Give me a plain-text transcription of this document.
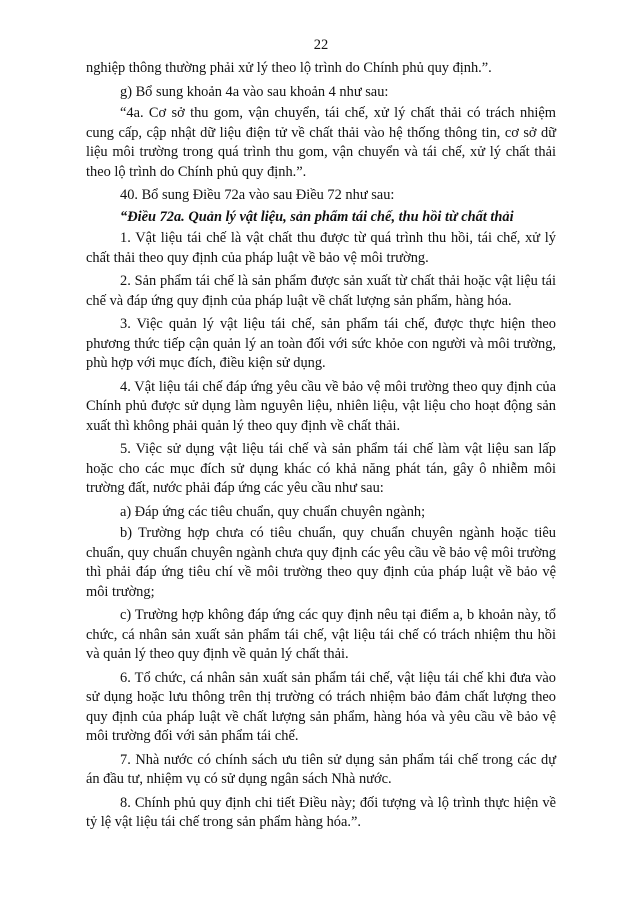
22

nghiệp thông thường phải xử lý theo lộ trình do Chính phủ quy định.”.

g) Bổ sung khoản 4a vào sau khoản 4 như sau:

“4a. Cơ sở thu gom, vận chuyển, tái chế, xử lý chất thải có trách nhiệm cung cấp, cập nhật dữ liệu điện tử về chất thải vào hệ thống thông tin, cơ sở dữ liệu môi trường trong quá trình thu gom, vận chuyển và tái chế, xử lý chất thải theo lộ trình do Chính phủ quy định.”.

40. Bổ sung Điều 72a vào sau Điều 72 như sau:

“Điều 72a. Quản lý vật liệu, sản phẩm tái chế, thu hồi từ chất thải

1. Vật liệu tái chế là vật chất thu được từ quá trình thu hồi, tái chế, xử lý chất thải theo quy định của pháp luật về bảo vệ môi trường.

2. Sản phẩm tái chế là sản phẩm được sản xuất từ chất thải hoặc vật liệu tái chế và đáp ứng quy định của pháp luật về chất lượng sản phẩm, hàng hóa.

3. Việc quản lý vật liệu tái chế, sản phẩm tái chế, được thực hiện theo phương thức tiếp cận quản lý an toàn đối với sức khỏe con người và môi trường, phù hợp với mục đích, điều kiện sử dụng.

4. Vật liệu tái chế đáp ứng yêu cầu về bảo vệ môi trường theo quy định của Chính phủ được sử dụng làm nguyên liệu, nhiên liệu, vật liệu cho hoạt động sản xuất thì không phải quản lý theo quy định về chất thải.

5. Việc sử dụng vật liệu tái chế và sản phẩm tái chế làm vật liệu san lấp hoặc cho các mục đích sử dụng khác có khả năng phát tán, gây ô nhiễm môi trường đất, nước phải đáp ứng các yêu cầu như sau:

a) Đáp ứng các tiêu chuẩn, quy chuẩn chuyên ngành;

b) Trường hợp chưa có tiêu chuẩn, quy chuẩn chuyên ngành hoặc tiêu chuẩn, quy chuẩn chuyên ngành chưa quy định các yêu cầu về bảo vệ môi trường thì phải đáp ứng tiêu chí về môi trường theo quy định của pháp luật về bảo vệ môi trường;

c) Trường hợp không đáp ứng các quy định nêu tại điểm a, b khoản này, tổ chức, cá nhân sản xuất sản phẩm tái chế, vật liệu tái chế có trách nhiệm thu hồi và quản lý theo quy định về quản lý chất thải.

6. Tổ chức, cá nhân sản xuất sản phẩm tái chế, vật liệu tái chế khi đưa vào sử dụng hoặc lưu thông trên thị trường có trách nhiệm bảo đảm chất lượng theo quy định của pháp luật về chất lượng sản phẩm, hàng hóa và yêu cầu về bảo vệ môi trường đối với sản phẩm tái chế.

7. Nhà nước có chính sách ưu tiên sử dụng sản phẩm tái chế trong các dự án đầu tư, nhiệm vụ có sử dụng ngân sách Nhà nước.

8. Chính phủ quy định chi tiết Điều này; đối tượng và lộ trình thực hiện về tỷ lệ vật liệu tái chế trong sản phẩm hàng hóa.”.
